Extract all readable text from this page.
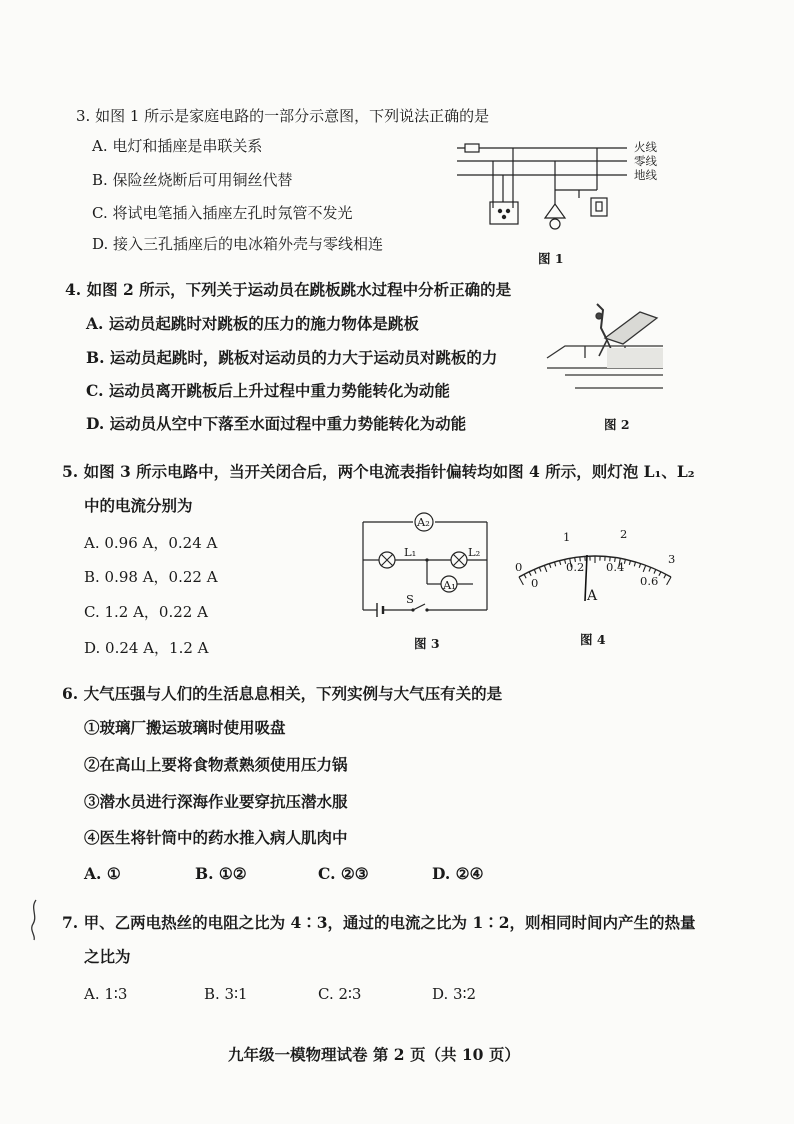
3. 如图 1 所示是家庭电路的一部分示意图，下列说法正确的是
A. 电灯和插座是串联关系
B. 保险丝烧断后可用铜丝代替
C. 将试电笔插入插座左孔时氖管不发光
D. 接入三孔插座后的电冰箱外壳与零线相连
火线
零线
地线
图 1
4. 如图 2 所示，下列关于运动员在跳板跳水过程中分析正确的是
A. 运动员起跳时对跳板的压力的施力物体是跳板
B. 运动员起跳时，跳板对运动员的力大于运动员对跳板的力
C. 运动员离开跳板后上升过程中重力势能转化为动能
D. 运动员从空中下落至水面过程中重力势能转化为动能	图 2
5. 如图 3 所示电路中，当开关闭合后，两个电流表指针偏转均如图 4 所示，则灯泡 L₁、L₂
中的电流分别为
A. 0.96 A，0.24 A
B. 0.98 A，0.22 A
C. 1.2 A，0.22 A
D. 0.24 A，1.2 A
A₂
L₁	L₂
A₁
S
图 3
0
1	2
3
0	0.2 0.4
0.6
A
图 4
6. 大气压强与人们的生活息息相关，下列实例与大气压有关的是
①玻璃厂搬运玻璃时使用吸盘
②在高山上要将食物煮熟须使用压力锅
③潜水员进行深海作业要穿抗压潜水服
④医生将针筒中的药水推入病人肌肉中
A. ①	B. ①②	C. ②③	D. ②④
7. 甲、乙两电热丝的电阻之比为 4∶3，通过的电流之比为 1∶2，则相同时间内产生的热量
之比为
A. 1∶3	B. 3∶1	C. 2∶3	D. 3∶2
九年级一模物理试卷 第 2 页（共 10 页）
